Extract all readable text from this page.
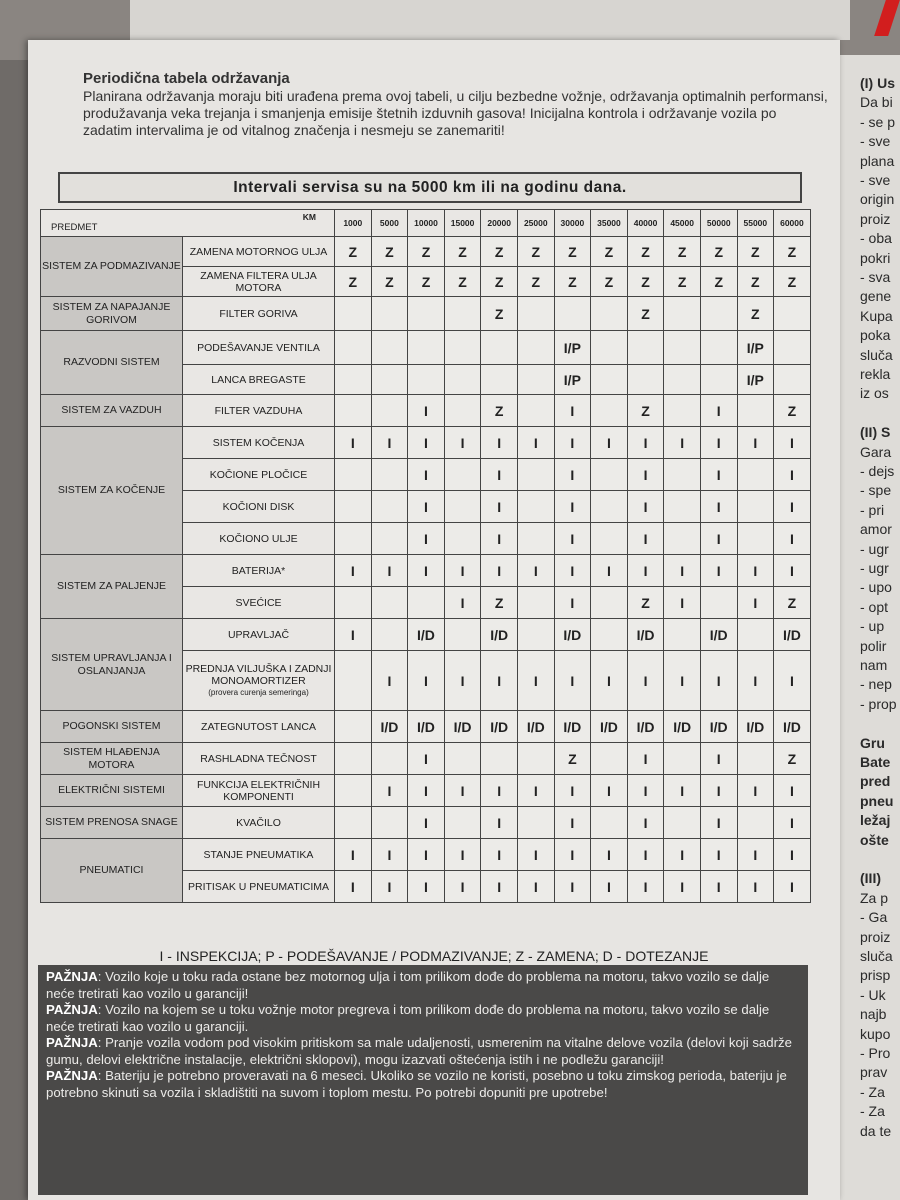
(I) Us
Da bi
- se p
- sve
plana
- sve
origin
proiz
- oba
pokri
- sva
gene
Kupa
poka
sluča
rekla
iz os
(II) S
Gara
- dejs
- spe
- pri
amor
- ugr
- ugr
- upo
- opt
- up
polir
nam
- nep
- prop
Gru
Bate
pred
pneu
ležaj
ošte
(III)
Za p
- Ga
proiz
sluča
prisp
- Uk
najb
kupo
- Pro
prav
- Za
- Za
da te
Periodična tabela održavanja
Planirana održavanja moraju biti urađena prema ovoj tabeli, u cilju bezbedne vožnje, održavanja optimalnih performansi, produžavanja veka trejanja i smanjenja emisije štetnih izduvnih gasova! Inicijalna kontrola i održavanje vozila po zadatim intervalima je od vitalnog značenja i nesmeju se zanemariti!
Intervali servisa su na 5000 km ili na godinu dana.
KM
PREDMET		1000	5000	10000	15000	20000	25000	30000	35000	40000	45000	50000	55000	60000
SISTEM ZA PODMAZIVANJE	ZAMENA MOTORNOG ULJA	Z	Z	Z	Z	Z	Z	Z	Z	Z	Z	Z	Z	Z
	ZAMENA FILTERA ULJA MOTORA	Z	Z	Z	Z	Z	Z	Z	Z	Z	Z	Z	Z	Z
SISTEM ZA NAPAJANJE GORIVOM	FILTER GORIVA					Z				Z			Z	
RAZVODNI SISTEM	PODEŠAVANJE VENTILA							I/P					I/P	
	LANCA BREGASTE							I/P					I/P	
SISTEM ZA VAZDUH	FILTER VAZDUHA			I		Z		I		Z		I		Z
SISTEM ZA KOČENJE	SISTEM KOČENJA	I	I	I	I	I	I	I	I	I	I	I	I	I
	KOČIONE PLOČICE			I		I		I		I		I		I
	KOČIONI DISK			I		I		I		I		I		I
	KOČIONO ULJE			I		I		I		I		I		I
SISTEM ZA PALJENJE	BATERIJA*	I	I	I	I	I	I	I	I	I	I	I	I	I
	SVEĆICE				I	Z		I		Z	I		I	Z
SISTEM UPRAVLJANJA I OSLANJANJA	UPRAVLJAČ	I		I/D		I/D		I/D		I/D		I/D		I/D
	PREDNJA VILJUŠKA I ZADNJI MONOAMORTIZER
(provera curenja semeringa)		I	I	I	I	I	I	I	I	I	I	I	I
POGONSKI SISTEM	ZATEGNUTOST LANCA		I/D	I/D	I/D	I/D	I/D	I/D	I/D	I/D	I/D	I/D	I/D	I/D
SISTEM HLAĐENJA MOTORA	RASHLADNA TEČNOST			I				Z		I		I		Z
ELEKTRIČNI SISTEMI	FUNKCIJA ELEKTRIČNIH KOMPONENTI		I	I	I	I	I	I	I	I	I	I	I	I
SISTEM PRENOSA SNAGE	KVAČILO			I		I		I		I		I		I
PNEUMATICI	STANJE PNEUMATIKA	I	I	I	I	I	I	I	I	I	I	I	I	I
	PRITISAK U PNEUMATICIMA	I	I	I	I	I	I	I	I	I	I	I	I	I
I - INSPEKCIJA; P - PODEŠAVANJE / PODMAZIVANJE; Z - ZAMENA; D - DOTEZANJE

PAŽNJA: Vozilo koje u toku rada ostane bez motornog ulja i tom prilikom dođe do problema na motoru, takvo vozilo se dalje neće tretirati kao vozilo u garanciji!

PAŽNJA: Vozilo na kojem se u toku vožnje motor pregreva i tom prilikom dođe do problema na motoru, takvo vozilo se dalje neće tretirati kao vozilo u garanciji.

PAŽNJA: Pranje vozila vodom pod visokim pritiskom sa male udaljenosti, usmerenim na vitalne delove vozila (delovi koji sadrže gumu, delovi električne instalacije, električni sklopovi), mogu izazvati oštećenja istih i ne podležu garanciji!

PAŽNJA: Bateriju je potrebno proveravati na 6 meseci. Ukoliko se vozilo ne koristi, posebno u toku zimskog perioda, bateriju je potrebno skinuti sa vozila i skladištiti na suvom i toplom mestu. Po potrebi dopuniti pre upotrebe!
